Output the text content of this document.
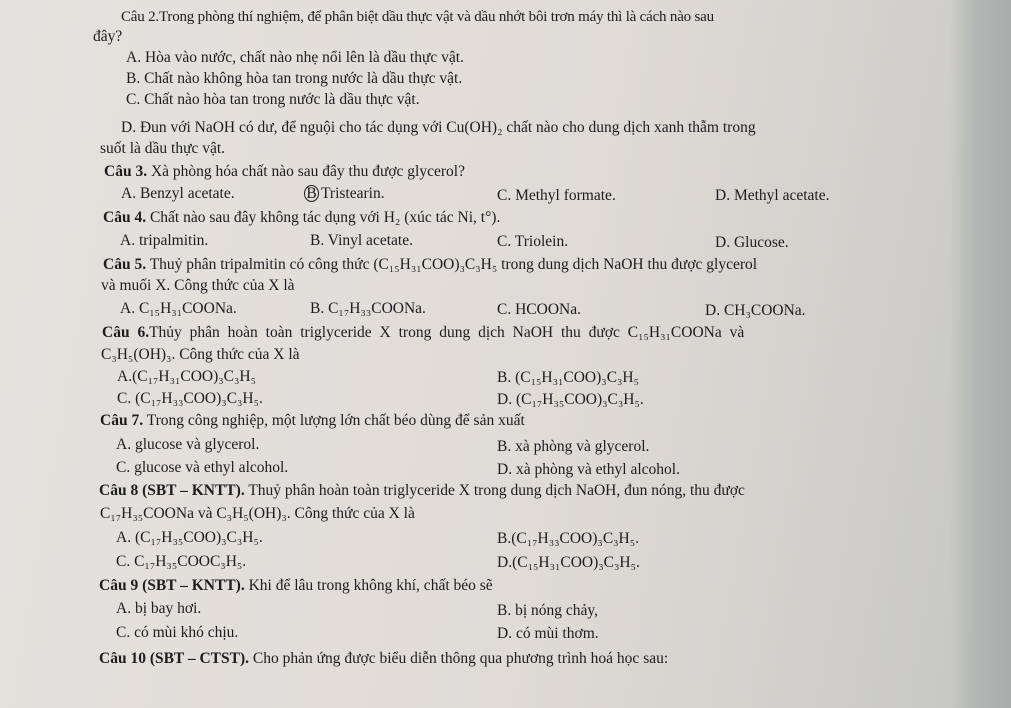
Câu 2.Trong phòng thí nghiệm, để phân biệt dầu thực vật và dầu nhớt bôi trơn máy thì là cách nào sau
đây?
A. Hòa vào nước, chất nào nhẹ nổi lên là dầu thực vật.
B. Chất nào không hòa tan trong nước là dầu thực vật.
C. Chất nào hòa tan trong nước là dầu thực vật.
D. Đun với NaOH có dư, để nguội cho tác dụng với Cu(OH)₂ chất nào cho dung dịch xanh thẫm trong
suốt là dầu thực vật.
Câu 3. Xà phòng hóa chất nào sau đây thu được glycerol?
A. Benzyl acetate.	B Tristearin.	C. Methyl formate.	D. Methyl acetate.
Câu 4. Chất nào sau đây không tác dụng với H₂ (xúc tác Ni, t°).
A. tripalmitin.	B. Vinyl acetate.	C. Triolein.	D. Glucose.
Câu 5. Thuỷ phân tripalmitin có công thức (C₁₅H₃₁COO)₃C₃H₅ trong dung dịch NaOH thu được glycerol
và muối X. Công thức của X là
A. C₁₅H₃₁COONa.	B. C₁₇H₃₃COONa.	C. HCOONa.	D. CH₃COONa.
Câu 6.Thủy phân hoàn toàn triglyceride X trong dung dịch NaOH thu được C₁₅H₃₁COONa và
C₃H₅(OH)₃. Công thức của X là
A.(C₁₇H₃₁COO)₃C₃H₅	B. (C₁₅H₃₁COO)₃C₃H₅
C. (C₁₇H₃₃COO)₃C₃H₅.	D. (C₁₇H₃₅COO)₃C₃H₅.
Câu 7. Trong công nghiệp, một lượng lớn chất béo dùng để sản xuất
A. glucose và glycerol.	B. xà phòng và glycerol.
C. glucose và ethyl alcohol.	D. xà phòng và ethyl alcohol.
Câu 8 (SBT – KNTT). Thuỷ phân hoàn toàn triglyceride X trong dung dịch NaOH, đun nóng, thu được
C₁₇H₃₅COONa và C₃H₅(OH)₃. Công thức của X là
A. (C₁₇H₃₅COO)₃C₃H₅.	B.(C₁₇H₃₃COO)₃C₃H₅.
C. C₁₇H₃₅COOC₃H₅.	D.(C₁₅H₃₁COO)₃C₃H₅.
Câu 9 (SBT – KNTT). Khi để lâu trong không khí, chất béo sẽ
A. bị bay hơi.	B. bị nóng chảy,
C. có mùi khó chịu.	D. có mùi thơm.
Câu 10 (SBT – CTST). Cho phản ứng được biểu diễn thông qua phương trình hoá học sau:
